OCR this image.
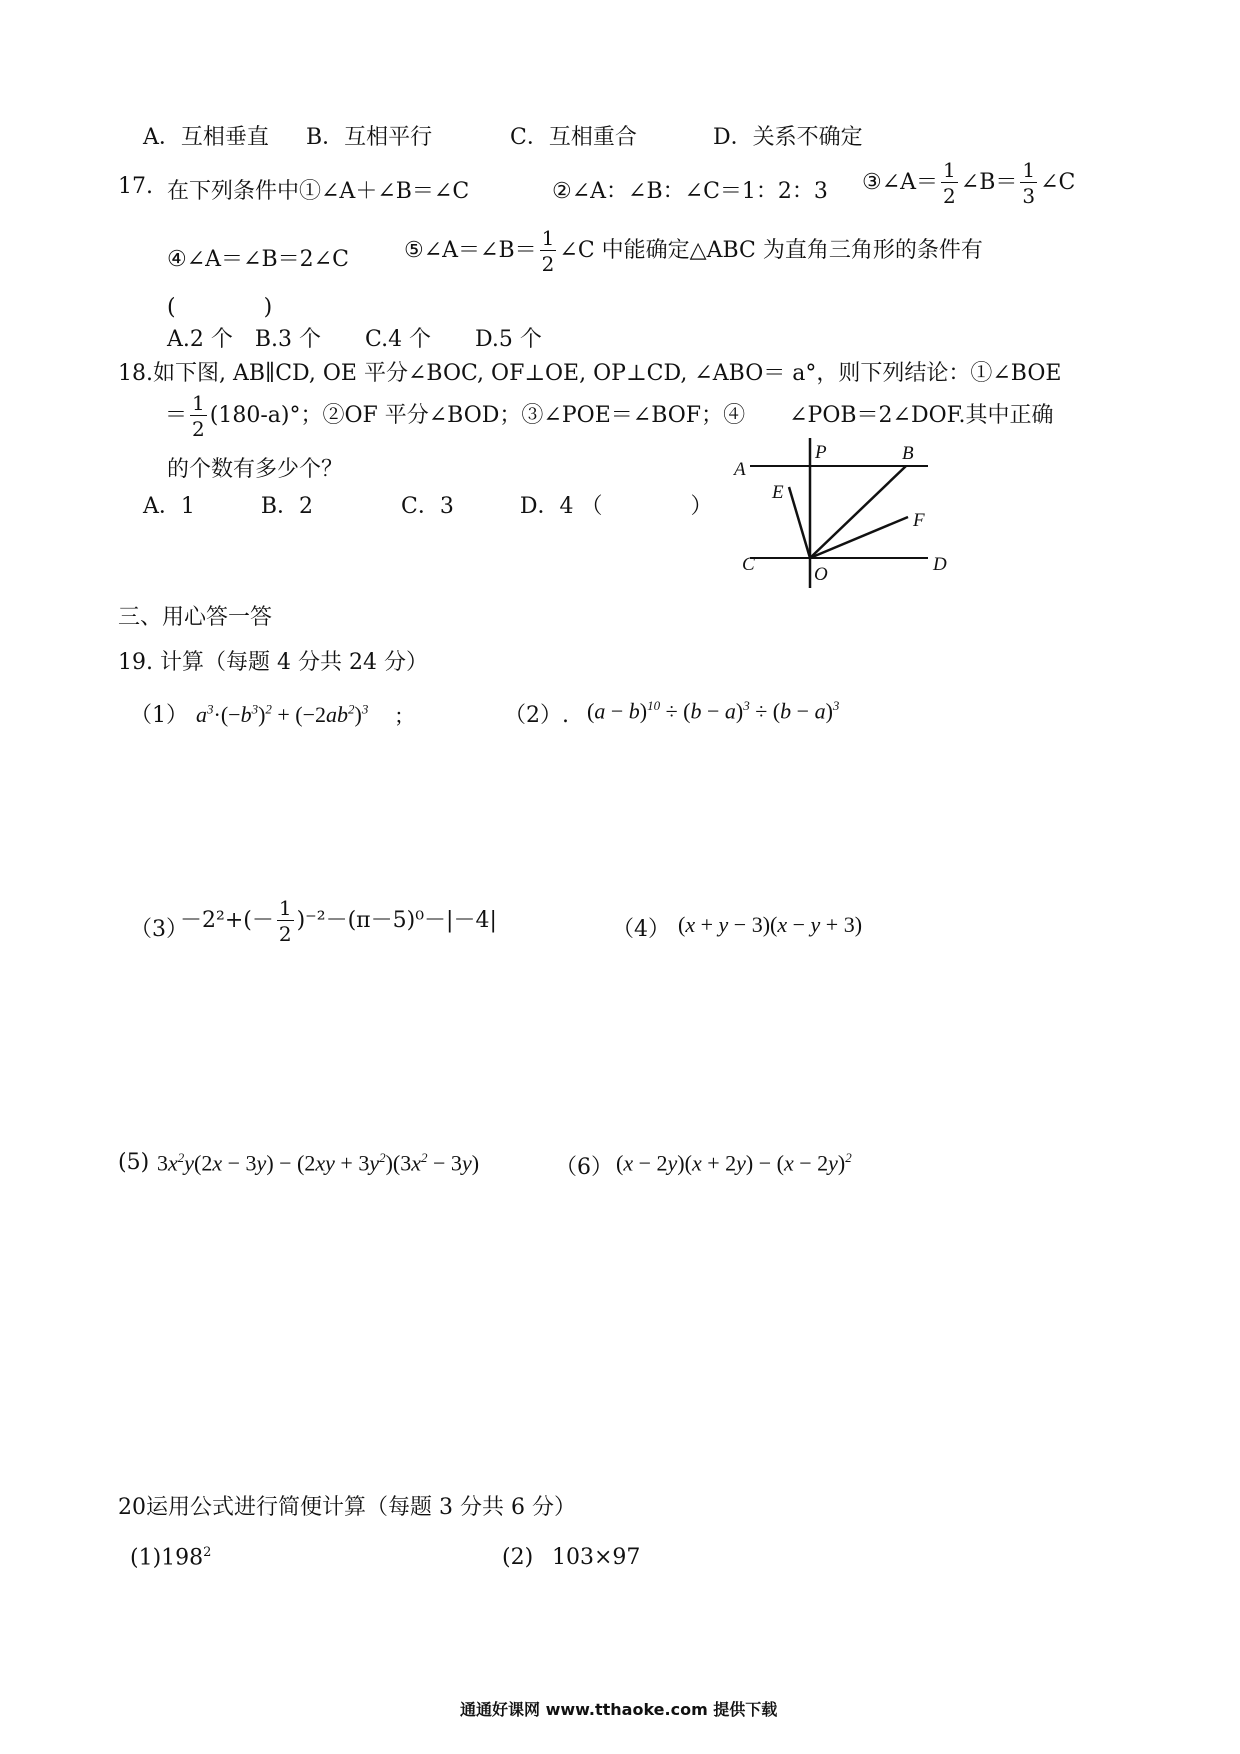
A．互相垂直 B．互相平行	C．互相重合	D．关系不确定
17. 在下列条件中①∠A＋∠B＝∠C	②∠A：∠B：∠C＝1：2：3 ③∠A＝ $\frac{1}{2}$ ∠B＝ $\frac{1}{3}$ ∠C
④∠A＝∠B＝2∠C	⑤∠A＝∠B＝ $\frac{1}{2}$ ∠C 中能确定△ABC 为直角三角形的条件有
(　　　　)
A.2 个　B.3 个　　C.4 个　　D.5 个
18.如下图, AB∥CD, OE 平分∠BOC, OF⊥OE, OP⊥CD, ∠ABO＝ a°，则下列结论：①∠BOE
＝ $\frac{1}{2} (180-a)^\circ$；②OF 平分∠BOD；③∠POE＝∠BOF；④　　∠POB＝2∠DOF.其中正确
的个数有多少个？
A．1　　　B．2　　　　C．3　　　D．4 （　　　　）
A
P	B
E
F
C	O	D
三、用心答一答
19. 计算（每题 4 分共 24 分）
（1） $a^3\cdot(-b^3)^2 + (-2ab^2)^3$　 ;	（2）. $(a - b)^{10} \div (b - a)^3 \div (b - a)^3$
（3）
$-2^2+(- \frac{1}{2} )^{-2}-(\pi-5)^0-|-4|$	（4） (x + y − 3)(x − y + 3)
(5) $3x^2y(2x - 3y) - (2xy + 3y^2)(3x^2 - 3y)$	（6） $(x - 2y)(x + 2y) - (x - 2y)^2$
20运用公式进行简便计算（每题 3 分共 6 分）
$(1)198^2$	(2) 103×97
通通好课网 www.tthaoke.com 提供下载
